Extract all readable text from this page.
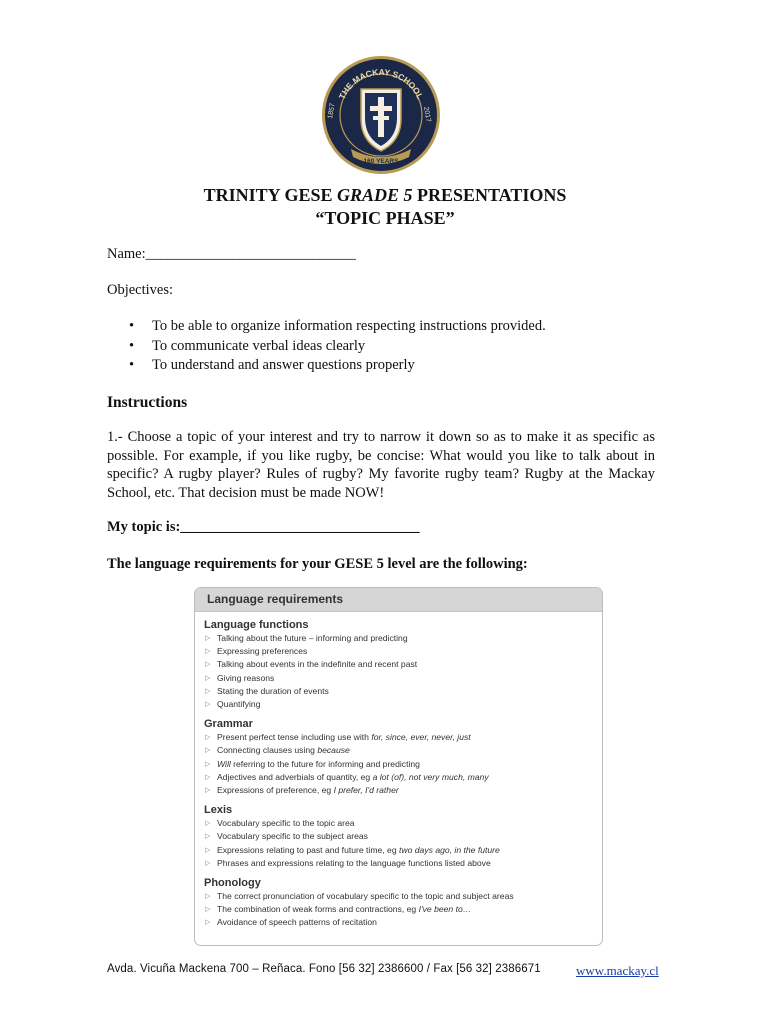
THE MACKAY SCHOOL
1857	2017
160 YEARS
TRINITY GESE GRADE 5 PRESENTATIONS
“TOPIC PHASE”
Name:_____________________________
Objectives:
• To be able to organize information respecting instructions provided.
• To communicate verbal ideas clearly
• To understand and answer questions properly
Instructions
1.- Choose a topic of your interest and try to narrow it down so as to make it as specific as possible. For example, if you like rugby, be concise: What would you like to talk about in specific? A rugby player? Rules of rugby? My favorite rugby team? Rugby at the Mackay School, etc. That decision must be made NOW!
My topic is:_________________________________
The language requirements for your GESE 5 level are the following:
Language requirements
Language functions
▷ Talking about the future – informing and predicting
▷ Expressing preferences
▷ Talking about events in the indefinite and recent past
▷ Giving reasons
▷ Stating the duration of events
▷ Quantifying
Grammar
▷ Present perfect tense including use with for, since, ever, never, just
▷ Connecting clauses using because
▷ Will referring to the future for informing and predicting
▷ Adjectives and adverbials of quantity, eg a lot (of), not very much, many
▷ Expressions of preference, eg I prefer, I'd rather
Lexis
▷ Vocabulary specific to the topic area
▷ Vocabulary specific to the subject areas
▷ Expressions relating to past and future time, eg two days ago, in the future
▷ Phrases and expressions relating to the language functions listed above
Phonology
▷ The correct pronunciation of vocabulary specific to the topic and subject areas
▷ The combination of weak forms and contractions, eg I've been to…
▷ Avoidance of speech patterns of recitation
Avda. Vicuña Mackena 700 – Reñaca. Fono [56 32] 2386600 / Fax [56 32] 2386671	www.mackay.cl
